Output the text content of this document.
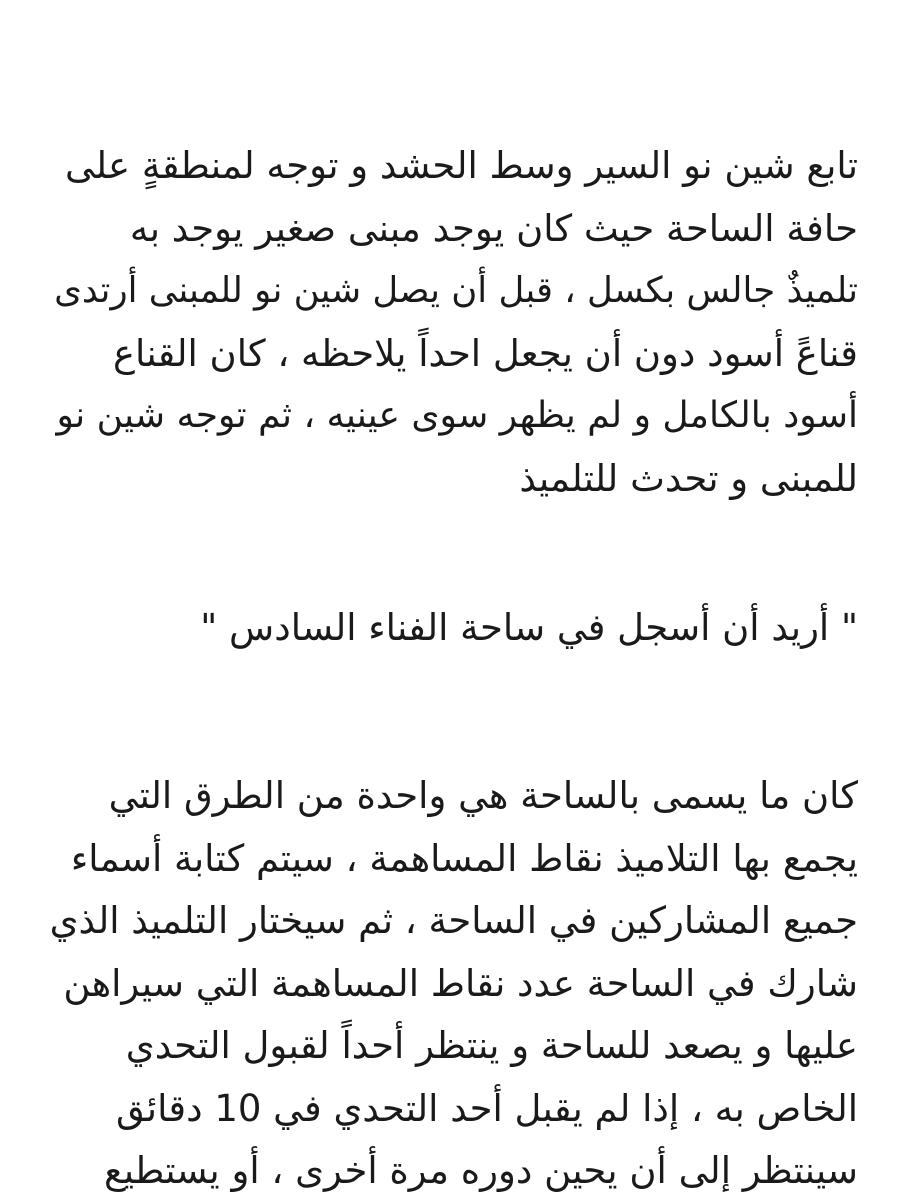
تابع شين نو السير وسط الحشد و توجه لمنطقةٍ على
حافة الساحة حيث كان يوجد مبنى صغير يوجد به
تلميذٌ جالس بكسل ، قبل أن يصل شين نو للمبنى أرتدى
قناعً أسود دون أن يجعل احداً يلاحظه ، كان القناع
أسود بالكامل و لم يظهر سوى عينيه ، ثم توجه شين نو
للمبنى و تحدث للتلميذ
" أريد أن أسجل في ساحة الفناء السادس "
كان ما يسمى بالساحة هي واحدة من الطرق التي
يجمع بها التلاميذ نقاط المساهمة ، سيتم كتابة أسماء
جميع المشاركين في الساحة ، ثم سيختار التلميذ الذي
شارك في الساحة عدد نقاط المساهمة التي سيراهن
عليها و يصعد للساحة و ينتظر أحداً لقبول التحدي
الخاص به ، إذا لم يقبل أحد التحدي في 10 دقائق
سينتظر إلى أن يحين دوره مرة أخرى ، أو يستطيع
